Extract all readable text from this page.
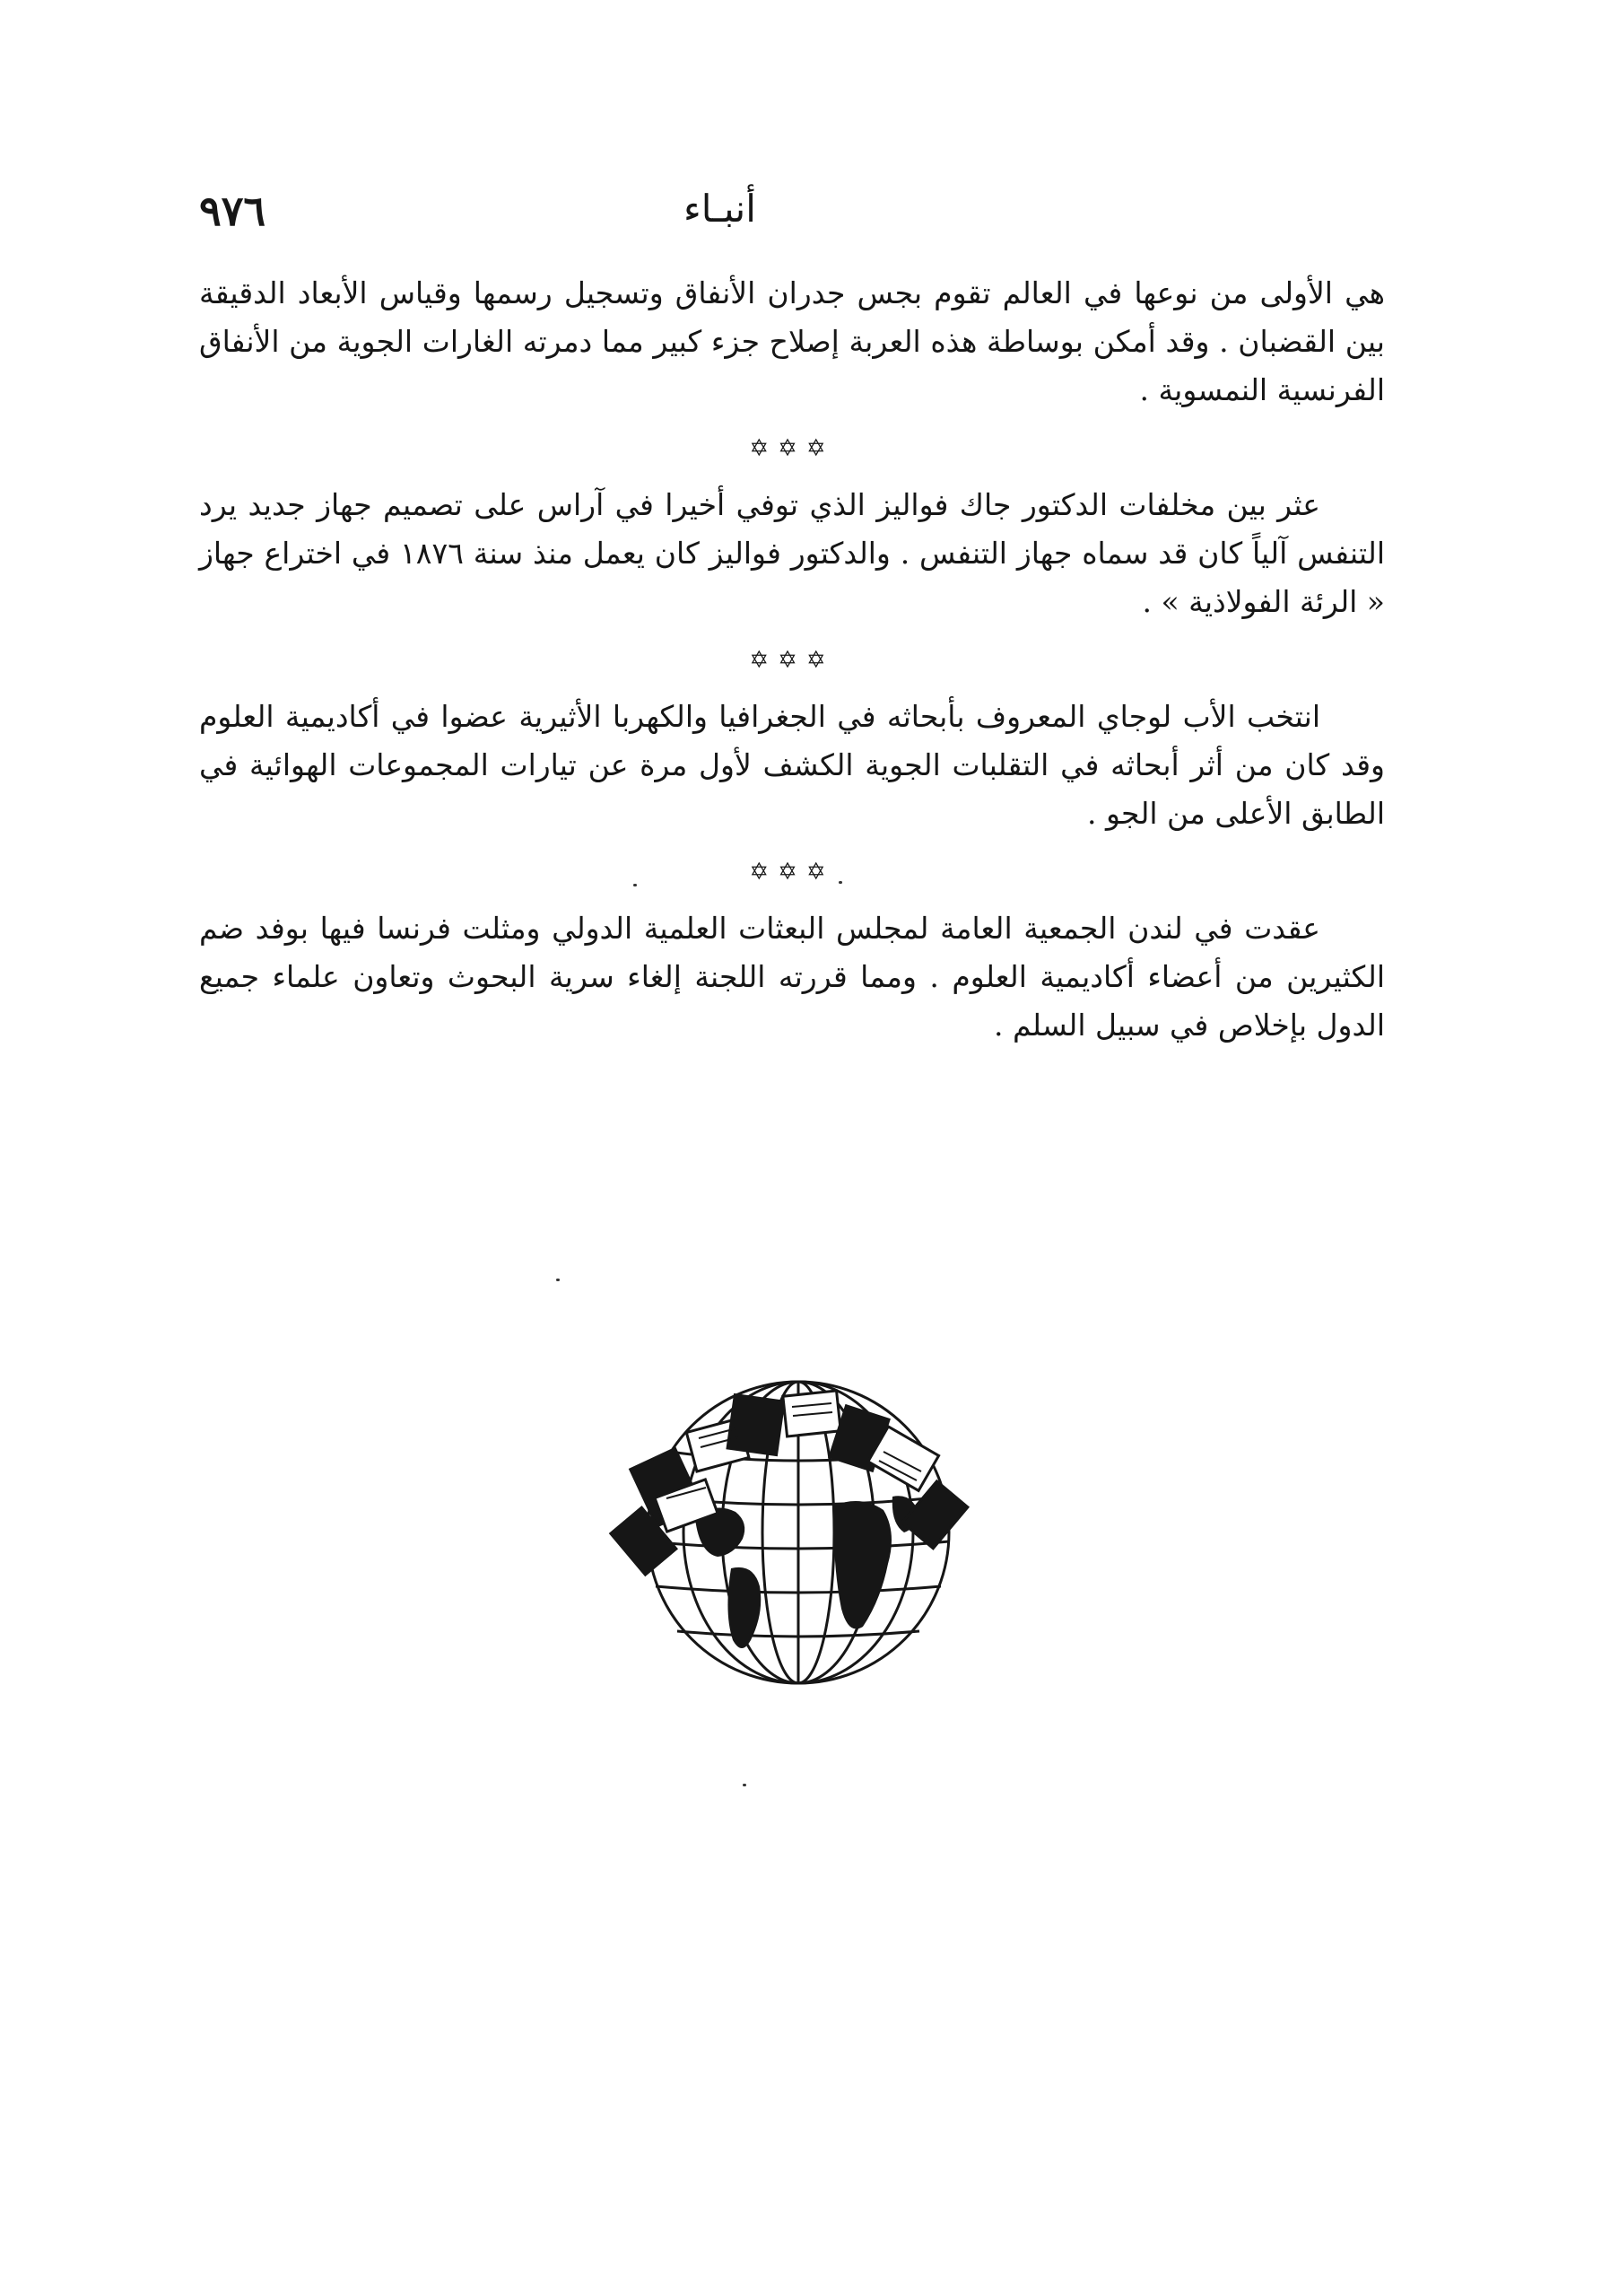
٩٧٦	أنبـاء

هي الأولى من نوعها في العالم تقوم بجس جدران الأنفاق وتسجيل رسمها وقياس الأبعاد الدقيقة بين القضبان . وقد أمكن بوساطة هذه العربة إصلاح جزء كبير مما دمرته الغارات الجوية من الأنفاق الفرنسية النمسوية .

✡✡✡

عثر بين مخلفات الدكتور جاك فواليز الذي توفي أخيرا في آراس على تصميم جهاز جديد يرد التنفس آلياً كان قد سماه جهاز التنفس . والدكتور فواليز كان يعمل منذ سنة ١٨٧٦ في اختراع جهاز « الرئة الفولاذية » .

✡✡✡

انتخب الأب لوجاي المعروف بأبحاثه في الجغرافيا والكهربا الأثيرية عضوا في أكاديمية العلوم وقد كان من أثر أبحاثه في التقلبات الجوية الكشف لأول مرة عن تيارات المجموعات الهوائية في الطابق الأعلى من الجو .

✡✡✡

عقدت في لندن الجمعية العامة لمجلس البعثات العلمية الدولي ومثلت فرنسا فيها بوفد ضم الكثيرين من أعضاء أكاديمية العلوم . ومما قررته اللجنة إلغاء سرية البحوث وتعاون علماء جميع الدول بإخلاص في سبيل السلم .
